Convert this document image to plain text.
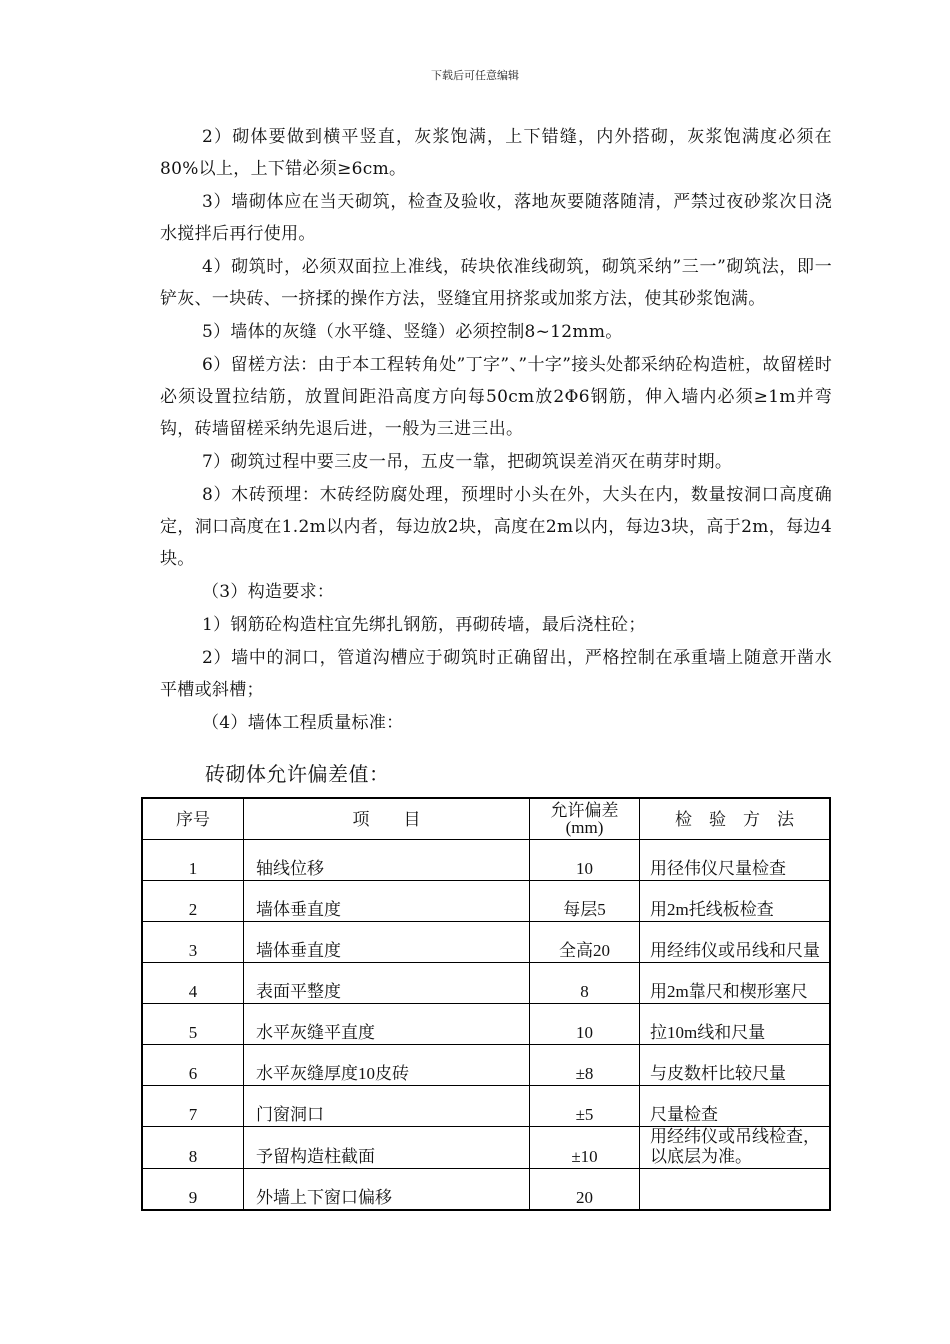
下载后可任意编辑

2）砌体要做到横平竖直，灰浆饱满，上下错缝，内外搭砌，灰浆饱满度必须在80%以上，上下错必须≥6cm。

3）墙砌体应在当天砌筑，检查及验收，落地灰要随落随清，严禁过夜砂浆次日浇水搅拌后再行使用。

4）砌筑时，必须双面拉上准线，砖块依准线砌筑，砌筑采纳”三一”砌筑法，即一铲灰、一块砖、一挤揉的操作方法，竖缝宜用挤浆或加浆方法，使其砂浆饱满。

5）墙体的灰缝（水平缝、竖缝）必须控制8~12mm。

6）留槎方法：由于本工程转角处”丁字”、”十字”接头处都采纳砼构造桩，故留槎时必须设置拉结筋，放置间距沿高度方向每50cm放2Φ6钢筋，伸入墙内必须≥1m并弯钩，砖墙留槎采纳先退后进，一般为三进三出。

7）砌筑过程中要三皮一吊，五皮一靠，把砌筑误差消灭在萌芽时期。

8）木砖预埋：木砖经防腐处理，预埋时小头在外，大头在内，数量按洞口高度确定，洞口高度在1.2m以内者，每边放2块，高度在2m以内，每边3块，高于2m，每边4块。

（3）构造要求：

1）钢筋砼构造柱宜先绑扎钢筋，再砌砖墙，最后浇柱砼；

2）墙中的洞口，管道沟槽应于砌筑时正确留出，严格控制在承重墙上随意开凿水平槽或斜槽；

（4）墙体工程质量标准：

砖砌体允许偏差值：
序号	项　　目	允许偏差(mm)	检　验　方　法

1	轴线位移	10	用径伟仪尺量检查

2	墙体垂直度	每层5	用2m托线板检查

3	墙体垂直度	全高20	用经纬仪或吊线和尺量

4	表面平整度	8	用2m靠尺和楔形塞尺

5	水平灰缝平直度	10	拉10m线和尺量

6	水平灰缝厚度10皮砖	±8	与皮数杆比较尺量

7	门窗洞口	±5	尺量检查

8	予留构造柱截面	±10	用经纬仪或吊线检查，以底层为准。

9	外墙上下窗口偏移	20	
